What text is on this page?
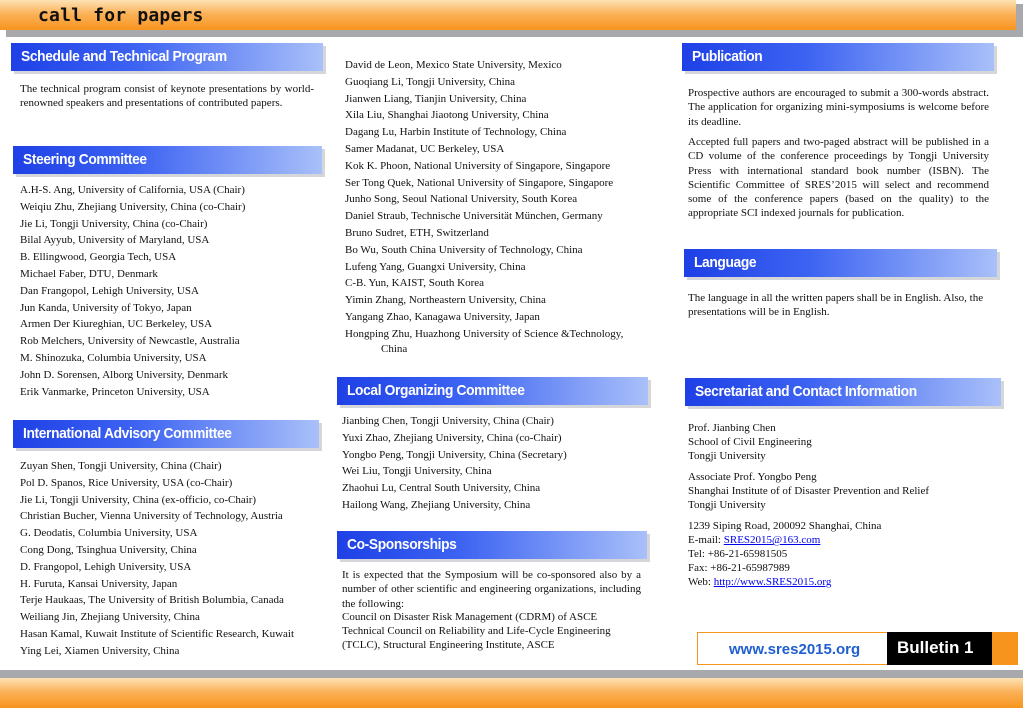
call for papers
Schedule and Technical Program
The technical program consist of keynote presentations by world-renowned speakers and presentations of contributed papers.
Steering Committee
A.H-S. Ang, University of California, USA (Chair)
Weiqiu Zhu, Zhejiang University, China (co-Chair)
Jie Li, Tongji University, China (co-Chair)
Bilal Ayyub, University of Maryland, USA
B. Ellingwood, Georgia Tech, USA
Michael Faber, DTU, Denmark
Dan Frangopol, Lehigh University, USA
Jun Kanda, University of Tokyo, Japan
Armen Der Kiureghian, UC Berkeley, USA
Rob Melchers, University of Newcastle, Australia
M. Shinozuka, Columbia University, USA
John D. Sorensen, Alborg University, Denmark
Erik Vanmarke, Princeton University, USA
International Advisory Committee
Zuyan Shen, Tongji University, China (Chair)
Pol D. Spanos, Rice University, USA (co-Chair)
Jie Li, Tongji University, China (ex-officio, co-Chair)
Christian Bucher, Vienna University of Technology, Austria
G. Deodatis, Columbia University, USA
Cong Dong, Tsinghua University, China
D. Frangopol, Lehigh University, USA
H. Furuta, Kansai University, Japan
Terje Haukaas, The University of British Bolumbia, Canada
Weiliang Jin, Zhejiang University, China
Hasan Kamal, Kuwait Institute of Scientific Research, Kuwait
Ying Lei, Xiamen University, China
David de Leon, Mexico State University, Mexico
Guoqiang Li, Tongji University, China
Jianwen Liang, Tianjin University, China
Xila Liu, Shanghai Jiaotong University, China
Dagang Lu, Harbin Institute of Technology, China
Samer Madanat, UC Berkeley, USA
Kok K. Phoon, National University of Singapore, Singapore
Ser Tong Quek, National University of Singapore, Singapore
Junho Song, Seoul National University, South Korea
Daniel Straub, Technische Universität München, Germany
Bruno Sudret, ETH, Switzerland
Bo Wu, South China University of Technology, China
Lufeng Yang, Guangxi University, China
C-B. Yun, KAIST, South Korea
Yimin Zhang, Northeastern University, China
Yangang Zhao, Kanagawa University, Japan
Hongping Zhu, Huazhong University of Science &Technology,
China
Local Organizing Committee
Jianbing Chen, Tongji University, China (Chair)
Yuxi Zhao, Zhejiang University, China (co-Chair)
Yongbo Peng, Tongji University, China (Secretary)
Wei Liu, Tongji University, China
Zhaohui Lu, Central South University, China
Hailong Wang, Zhejiang University, China
Co-Sponsorships
It is expected that the Symposium will be co-sponsored also by a number of other scientific and engineering organizations, including the following:
Council on Disaster Risk Management (CDRM) of ASCE
Technical Council on Reliability and Life-Cycle Engineering (TCLC), Structural Engineering Institute, ASCE
Publication
Prospective authors are encouraged to submit a 300-words abstract. The application for organizing mini-symposiums is welcome before its deadline.
Accepted full papers and two-paged abstract will be published in a CD volume of the conference proceedings by Tongji University Press with international standard book number (ISBN). The Scientific Committee of SRES’2015 will select and recommend some of the conference papers (based on the quality) to the appropriate SCI indexed journals for publication.
Language
The language in all the written papers shall be in English. Also, the presentations will be in English.
Secretariat and Contact Information
Prof. Jianbing Chen
School of Civil Engineering
Tongji University
Associate Prof. Yongbo Peng
Shanghai Institute of of Disaster Prevention and Relief
Tongji University
1239 Siping Road, 200092 Shanghai, China
E-mail: SRES2015@163.com
Tel: +86-21-65981505
Fax: +86-21-65987989
Web: http://www.SRES2015.org
www.sres2015.org Bulletin 1
